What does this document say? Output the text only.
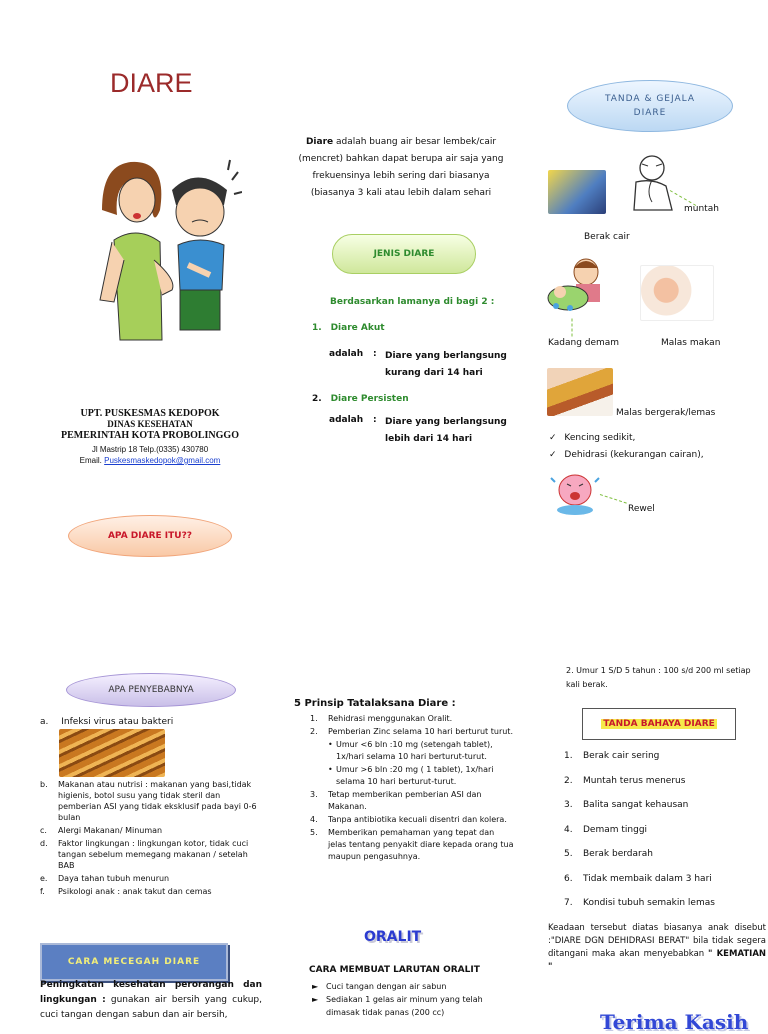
DIARE
UPT. PUSKESMAS KEDOPOK
DINAS KESEHATAN
PEMERINTAH KOTA PROBOLINGGO
Jl Mastrip 18 Telp.(0335) 430780
Email. Puskesmaskedopok@gmail.com
APA DIARE ITU??
Diare adalah buang air besar lembek/cair (mencret) bahkan dapat berupa air saja yang frekuensinya lebih sering dari biasanya (biasanya 3 kali atau lebih dalam sehari
JENIS DIARE
Berdasarkan lamanya di bagi 2 :
1. Diare Akut
adalah : Diare yang berlangsung kurang dari 14 hari
2. Diare Persisten
adalah : Diare yang berlangsung lebih dari 14 hari
TANDA & GEJALA
DIARE
Berak cair
muntah
Kadang demam	Malas makan
Malas bergerak/lemas
✓ Kencing sedikit,
✓ Dehidrasi (kekurangan cairan),
Rewel
APA PENYEBABNYA
a. Infeksi virus atau bakteri
b.	Makanan atau nutrisi : makanan yang basi,tidak higienis, botol susu yang tidak steril dan pemberian ASI yang tidak eksklusif pada bayi 0-6 bulan
c.	Alergi Makanan/ Minuman
d.	Faktor lingkungan : lingkungan kotor, tidak cuci tangan sebelum memegang makanan / setelah BAB
e.	Daya tahan tubuh menurun
f.	Psikologi anak : anak takut dan cemas
CARA MECEGAH DIARE
Peningkatan kesehatan perorangan dan lingkungan : gunakan air bersih yang cukup, cuci tangan dengan sabun dan air bersih,
5 Prinsip Tatalaksana Diare :
1.	Rehidrasi menggunakan Oralit.
2.	Pemberian Zinc selama 10 hari berturut turut.
• Umur <6 bln :10 mg (setengah tablet), 1x/hari selama 10 hari berturut-turut.
• Umur >6 bln :20 mg ( 1 tablet), 1x/hari selama 10 hari berturut-turut.
3.	Tetap memberikan pemberian ASI dan Makanan.
4.	Tanpa antibiotika kecuali disentri dan kolera.
5.	Memberikan pemahaman yang tepat dan jelas tentang penyakit diare kepada orang tua maupun pengasuhnya.
ORALIT
CARA MEMBUAT LARUTAN ORALIT
► Cuci tangan dengan air sabun
► Sediakan 1 gelas air minum yang telah dimasak tidak panas (200 cc)
2. Umur 1 S/D 5 tahun : 100 s/d 200 ml setiap kali berak.
TANDA BAHAYA DIARE
1.	Berak cair sering
2.	Muntah terus menerus
3.	Balita sangat kehausan
4.	Demam tinggi
5.	Berak berdarah
6.	Tidak membaik dalam 3 hari
7.	Kondisi tubuh semakin lemas
Keadaan tersebut diatas biasanya anak disebut :"DIARE DGN DEHIDRASI BERAT" bila tidak segera ditangani maka akan menyebabkan " KEMATIAN "
Terima Kasih
